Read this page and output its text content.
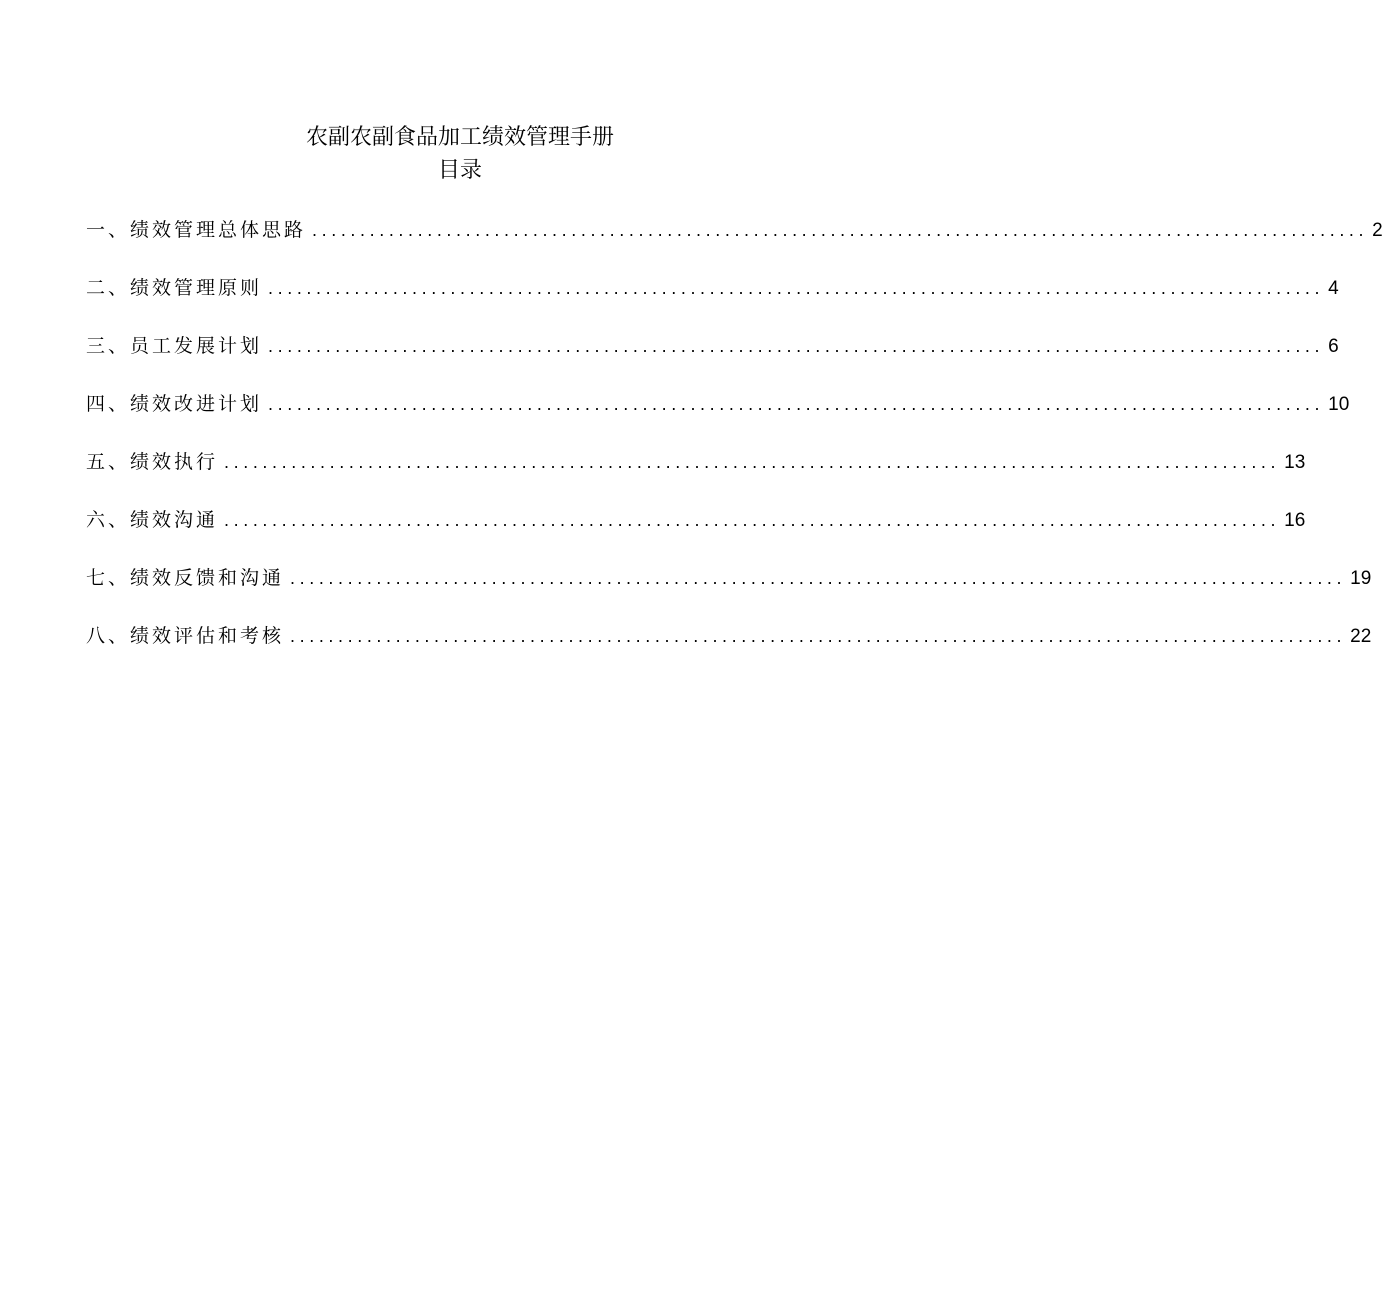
农副农副食品加工绩效管理手册
目录
一、绩效管理总体思路 .............................................................................................................. 2
二、绩效管理原则 .............................................................................................................. 4
三、员工发展计划 .............................................................................................................. 6
四、绩效改进计划 .............................................................................................................. 10
五、绩效执行 .............................................................................................................. 13
六、绩效沟通 .............................................................................................................. 16
七、绩效反馈和沟通 .............................................................................................................. 19
八、绩效评估和考核 .............................................................................................................. 22
